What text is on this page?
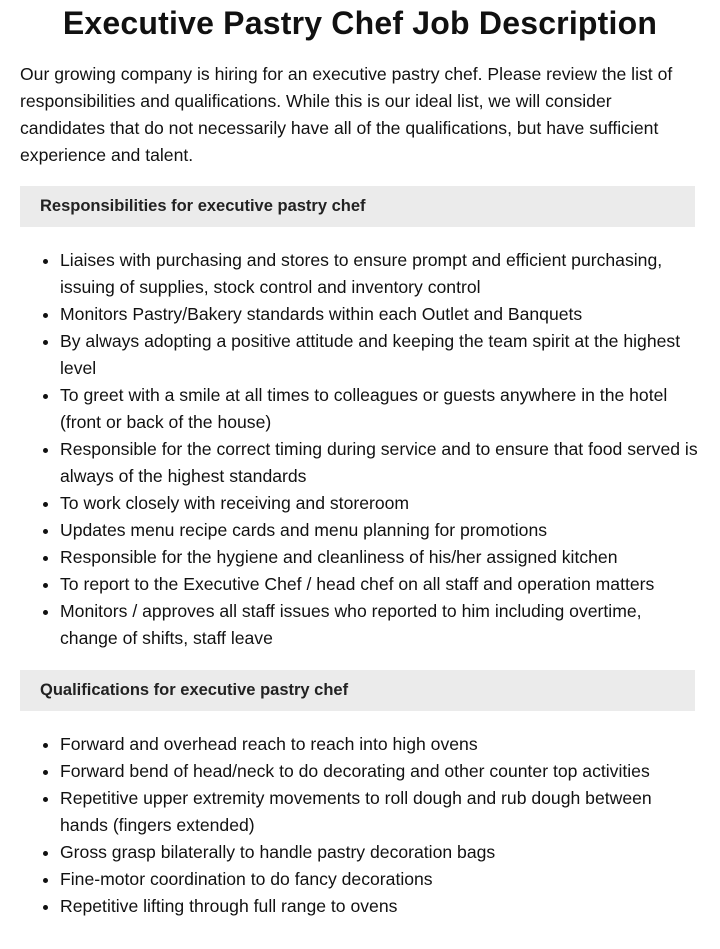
Executive Pastry Chef Job Description

Our growing company is hiring for an executive pastry chef. Please review the list of responsibilities and qualifications. While this is our ideal list, we will consider candidates that do not necessarily have all of the qualifications, but have sufficient experience and talent.

Responsibilities for executive pastry chef
• Liaises with purchasing and stores to ensure prompt and efficient purchasing, issuing of supplies, stock control and inventory control
• Monitors Pastry/Bakery standards within each Outlet and Banquets
• By always adopting a positive attitude and keeping the team spirit at the highest level
• To greet with a smile at all times to colleagues or guests anywhere in the hotel (front or back of the house)
• Responsible for the correct timing during service and to ensure that food served is always of the highest standards
• To work closely with receiving and storeroom
• Updates menu recipe cards and menu planning for promotions
• Responsible for the hygiene and cleanliness of his/her assigned kitchen
• To report to the Executive Chef / head chef on all staff and operation matters
• Monitors / approves all staff issues who reported to him including overtime, change of shifts, staff leave
Qualifications for executive pastry chef
• Forward and overhead reach to reach into high ovens
• Forward bend of head/neck to do decorating and other counter top activities
• Repetitive upper extremity movements to roll dough and rub dough between hands (fingers extended)
• Gross grasp bilaterally to handle pastry decoration bags
• Fine-motor coordination to do fancy decorations
• Repetitive lifting through full range to ovens
